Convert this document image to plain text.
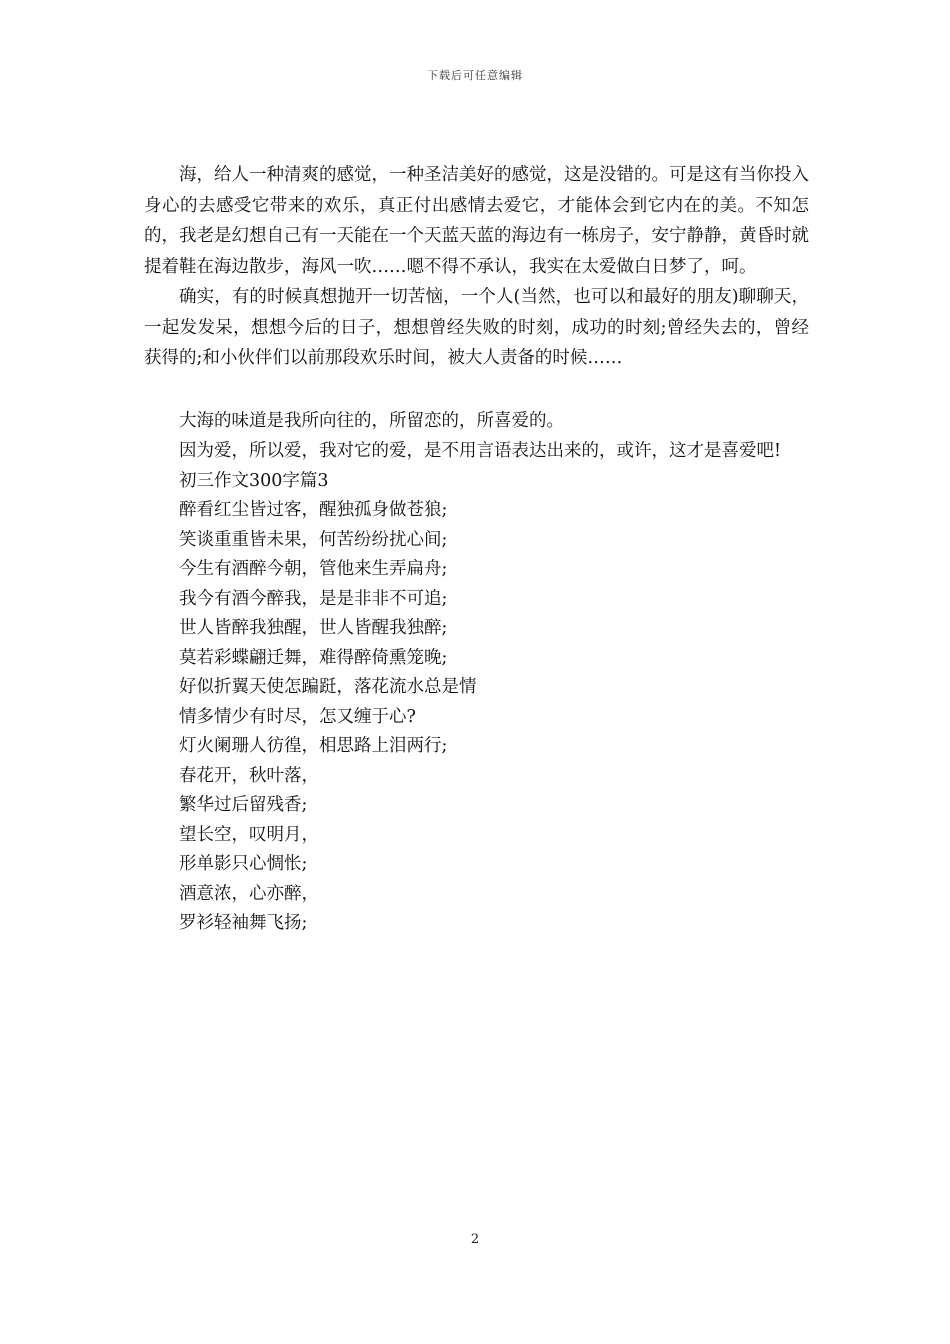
下载后可任意编辑

海，给人一种清爽的感觉，一种圣洁美好的感觉，这是没错的。可是这有当你投入身心的去感受它带来的欢乐，真正付出感情去爱它，才能体会到它内在的美。不知怎的，我老是幻想自己有一天能在一个天蓝天蓝的海边有一栋房子，安宁静静，黄昏时就提着鞋在海边散步，海风一吹……嗯不得不承认，我实在太爱做白日梦了，呵。

确实，有的时候真想抛开一切苦恼，一个人(当然，也可以和最好的朋友)聊聊天，一起发发呆，想想今后的日子，想想曾经失败的时刻，成功的时刻;曾经失去的，曾经获得的;和小伙伴们以前那段欢乐时间，被大人责备的时候……

大海的味道是我所向往的，所留恋的，所喜爱的。

因为爱，所以爱，我对它的爱，是不用言语表达出来的，或许，这才是喜爱吧!

初三作文300字篇3

醉看红尘皆过客，醒独孤身做苍狼;
笑谈重重皆未果，何苦纷纷扰心间;
今生有酒醉今朝，管他来生弄扁舟;
我今有酒今醉我，是是非非不可追;
世人皆醉我独醒，世人皆醒我独醉;
莫若彩蝶翩迁舞，难得醉倚熏笼晚;
好似折翼天使怎蹁跹，落花流水总是情
情多情少有时尽，怎又缠于心?
灯火阑珊人彷徨，相思路上泪两行;
春花开，秋叶落，
繁华过后留残香;
望长空，叹明月，
形单影只心惆怅;
酒意浓，心亦醉，
罗衫轻袖舞飞扬;
2
